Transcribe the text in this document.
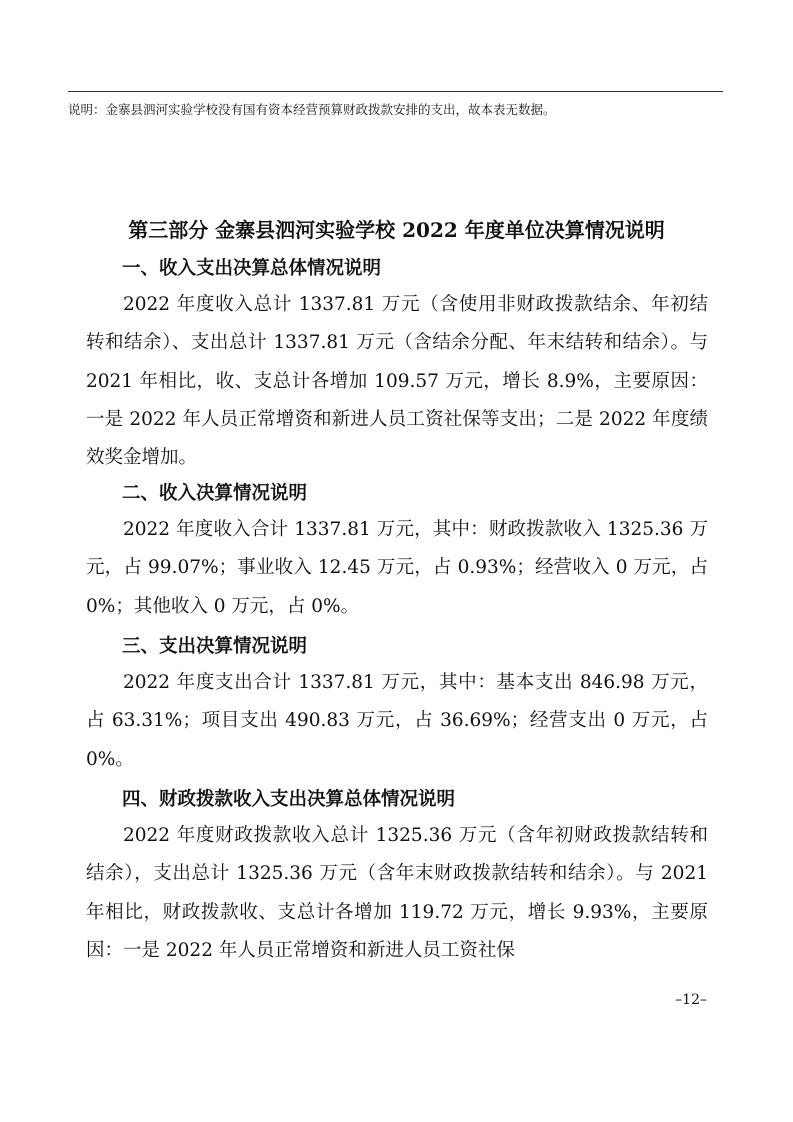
说明：金寨县泗河实验学校没有国有资本经营预算财政拨款安排的支出，故本表无数据。
第三部分 金寨县泗河实验学校 2022 年度单位决算情况说明
一、收入支出决算总体情况说明
2022 年度收入总计 1337.81 万元（含使用非财政拨款结余、年初结转和结余）、支出总计 1337.81 万元（含结余分配、年末结转和结余）。与 2021 年相比，收、支总计各增加 109.57 万元，增长 8.9%，主要原因：一是 2022 年人员正常增资和新进人员工资社保等支出；二是 2022 年度绩效奖金增加。
二、收入决算情况说明
2022 年度收入合计 1337.81 万元，其中：财政拨款收入 1325.36 万元，占 99.07%；事业收入 12.45 万元，占 0.93%；经营收入 0 万元，占 0%；其他收入 0 万元，占 0%。
三、支出决算情况说明
2022 年度支出合计 1337.81 万元，其中：基本支出 846.98 万元，占 63.31%；项目支出 490.83 万元，占 36.69%；经营支出 0 万元，占 0%。
四、财政拨款收入支出决算总体情况说明
2022 年度财政拨款收入总计 1325.36 万元（含年初财政拨款结转和结余），支出总计 1325.36 万元（含年末财政拨款结转和结余）。与 2021 年相比，财政拨款收、支总计各增加 119.72 万元，增长 9.93%，主要原因：一是 2022 年人员正常增资和新进人员工资社保
–12–
